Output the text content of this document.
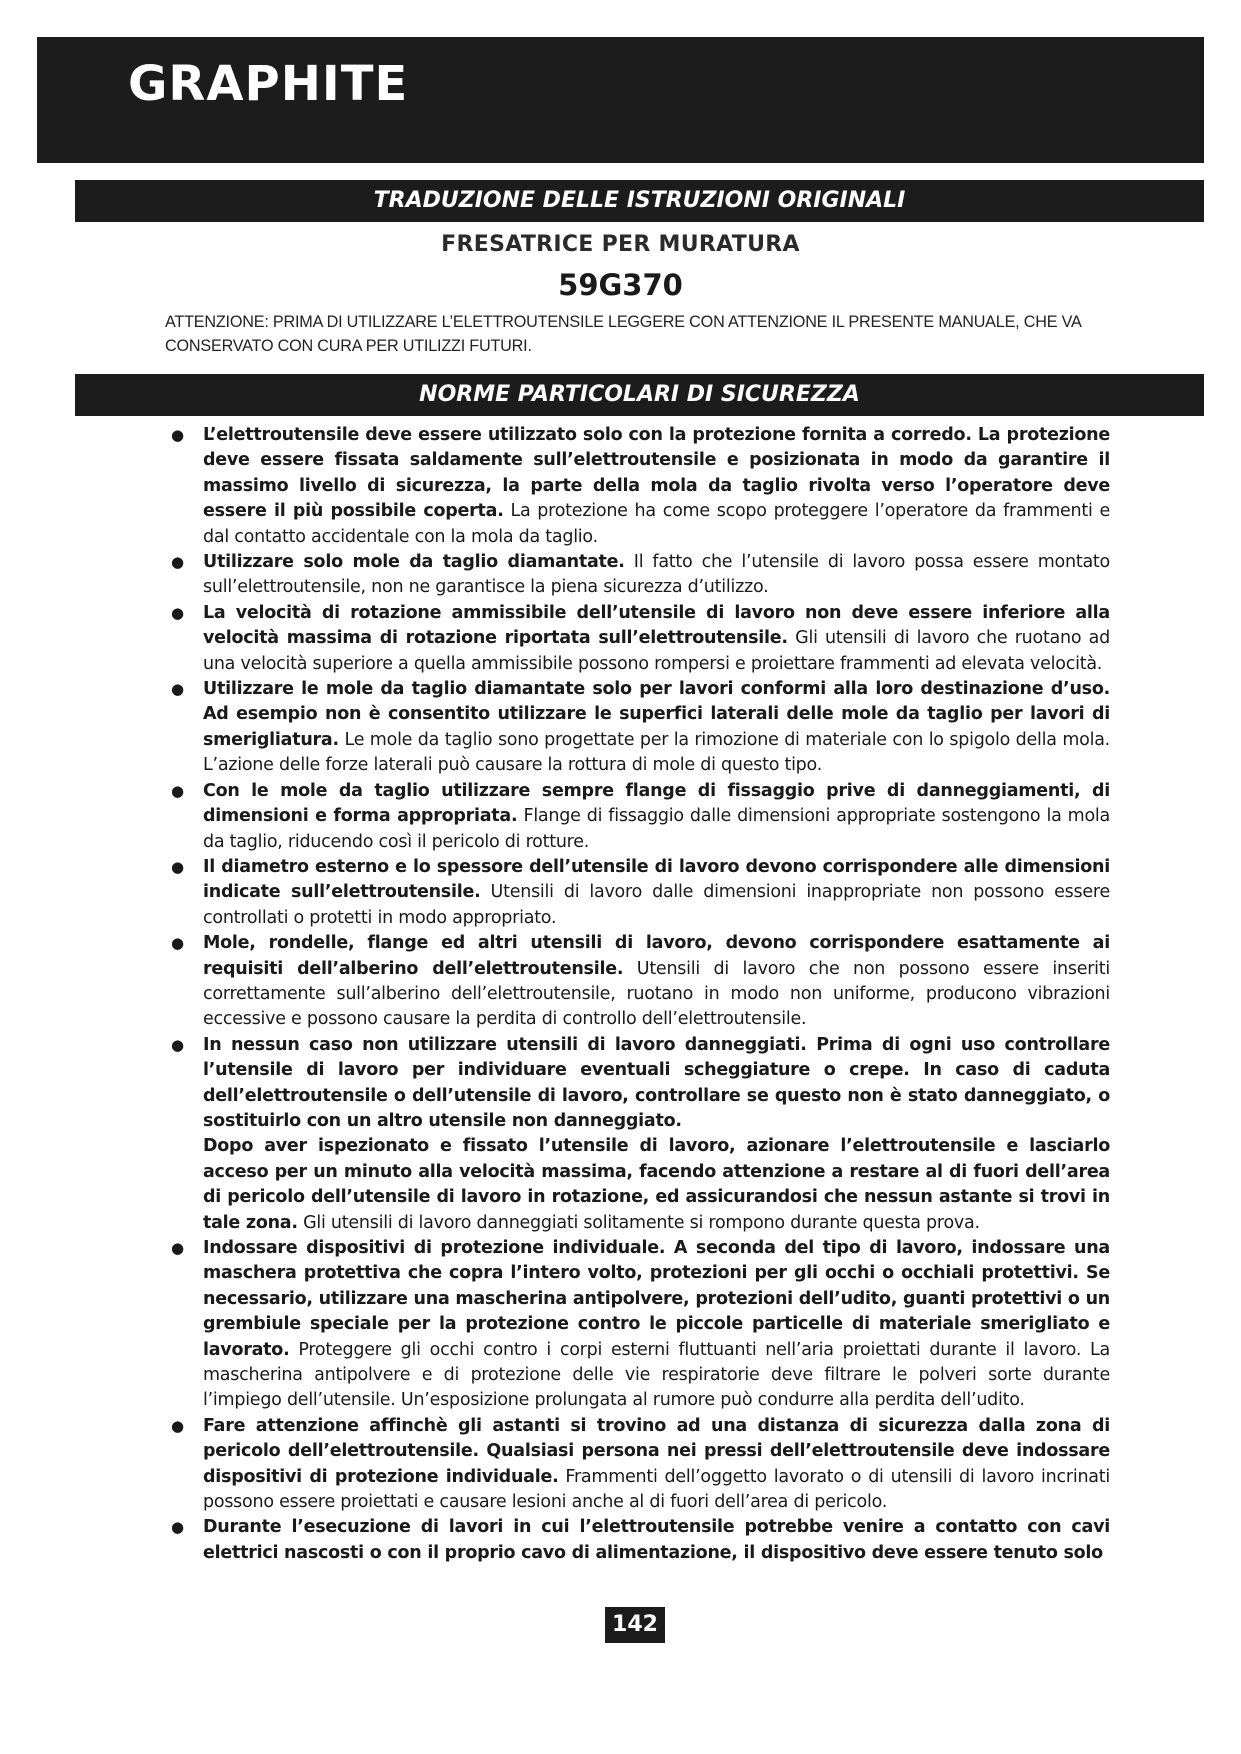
GRAPHITE
TRADUZIONE DELLE ISTRUZIONI ORIGINALI
FRESATRICE PER MURATURA
59G370
ATTENZIONE: PRIMA DI UTILIZZARE L’ELETTROUTENSILE LEGGERE CON ATTENZIONE IL PRESENTE MANUALE, CHE VA CONSERVATO CON CURA PER UTILIZZI FUTURI.
NORME PARTICOLARI DI SICUREZZA
● L’elettroutensile deve essere utilizzato solo con la protezione fornita a corredo. La protezione deve essere fissata saldamente sull’elettroutensile e posizionata in modo da garantire il massimo livello di sicurezza, la parte della mola da taglio rivolta verso l’operatore deve essere il più possibile coperta. La protezione ha come scopo proteggere l’operatore da frammenti e dal contatto accidentale con la mola da taglio.
● Utilizzare solo mole da taglio diamantate. Il fatto che l’utensile di lavoro possa essere montato sull’elettroutensile, non ne garantisce la piena sicurezza d’utilizzo.
● La velocità di rotazione ammissibile dell’utensile di lavoro non deve essere inferiore alla velocità massima di rotazione riportata sull’elettroutensile. Gli utensili di lavoro che ruotano ad una velocità superiore a quella ammissibile possono rompersi e proiettare frammenti ad elevata velocità.
● Utilizzare le mole da taglio diamantate solo per lavori conformi alla loro destinazione d’uso. Ad esempio non è consentito utilizzare le superfici laterali delle mole da taglio per lavori di smerigliatura. Le mole da taglio sono progettate per la rimozione di materiale con lo spigolo della mola. L’azione delle forze laterali può causare la rottura di mole di questo tipo.
● Con le mole da taglio utilizzare sempre flange di fissaggio prive di danneggiamenti, di dimensioni e forma appropriata. Flange di fissaggio dalle dimensioni appropriate sostengono la mola da taglio, riducendo così il pericolo di rotture.
● Il diametro esterno e lo spessore dell’utensile di lavoro devono corrispondere alle dimensioni indicate sull’elettroutensile. Utensili di lavoro dalle dimensioni inappropriate non possono essere controllati o protetti in modo appropriato.
● Mole, rondelle, flange ed altri utensili di lavoro, devono corrispondere esattamente ai requisiti dell’alberino dell’elettroutensile. Utensili di lavoro che non possono essere inseriti correttamente sull’alberino dell’elettroutensile, ruotano in modo non uniforme, producono vibrazioni eccessive e possono causare la perdita di controllo dell’elettroutensile.
● In nessun caso non utilizzare utensili di lavoro danneggiati. Prima di ogni uso controllare l’utensile di lavoro per individuare eventuali scheggiature o crepe. In caso di caduta dell’elettroutensile o dell’utensile di lavoro, controllare se questo non è stato danneggiato, o sostituirlo con un altro utensile non danneggiato.
Dopo aver ispezionato e fissato l’utensile di lavoro, azionare l’elettroutensile e lasciarlo acceso per un minuto alla velocità massima, facendo attenzione a restare al di fuori dell’area di pericolo dell’utensile di lavoro in rotazione, ed assicurandosi che nessun astante si trovi in tale zona. Gli utensili di lavoro danneggiati solitamente si rompono durante questa prova.
● Indossare dispositivi di protezione individuale. A seconda del tipo di lavoro, indossare una maschera protettiva che copra l’intero volto, protezioni per gli occhi o occhiali protettivi. Se necessario, utilizzare una mascherina antipolvere, protezioni dell’udito, guanti protettivi o un grembiule speciale per la protezione contro le piccole particelle di materiale smerigliato e lavorato. Proteggere gli occhi contro i corpi esterni fluttuanti nell’aria proiettati durante il lavoro. La mascherina antipolvere e di protezione delle vie respiratorie deve filtrare le polveri sorte durante l’impiego dell’utensile. Un’esposizione prolungata al rumore può condurre alla perdita dell’udito.
● Fare attenzione affinchè gli astanti si trovino ad una distanza di sicurezza dalla zona di pericolo dell’elettroutensile. Qualsiasi persona nei pressi dell’elettroutensile deve indossare dispositivi di protezione individuale. Frammenti dell’oggetto lavorato o di utensili di lavoro incrinati possono essere proiettati e causare lesioni anche al di fuori dell’area di pericolo.
● Durante l’esecuzione di lavori in cui l’elettroutensile potrebbe venire a contatto con cavi elettrici nascosti o con il proprio cavo di alimentazione, il dispositivo deve essere tenuto solo
142
